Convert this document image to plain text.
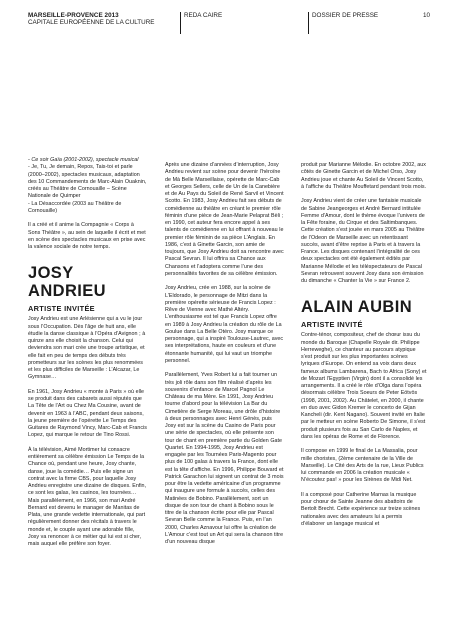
MARSEILLE-PROVENCE 2013
CAPITALE EUROPÉENNE DE LA CULTURE
REDA CAIRE	DOSSIER DE PRESSE	10

- Ce soir Gaïa (2001-2002), spectacle musical

- Je, Tu, Je demain, Repos, Tais-toi et parle (2000–2002), spectacles musicaux, adaptation des 10 Commandements de Marc-Alain Ouaknin, créés au Théâtre de Cornouaille – Scène Nationale de Quimper

- La Désaccordée (2003 au Théâtre de Cornouaille)

Il a créé et il anime la Compagnie « Corps à Sons Théâtre », au sein de laquelle il écrit et met en scène des spectacles musicaux en prise avec la valence sociale de notre temps.

JOSY ANDRIEU
ARTISTE INVITÉE

Josy Andrieu est une Arlésienne qui a vu le jour sous l’Occupation. Dès l’âge de huit ans, elle étudie la danse classique à l’Opéra d’Avignon ; à quinze ans elle choisit la chanson. Celui qui deviendra son mari crée une troupe artistique, et elle fait en peu de temps des débuts très prometteurs sur les scènes les plus renommées et les plus difficiles de Marseille : L’Alcazar, Le Gymnase…

En 1961, Josy Andrieu « monte à Paris » où elle se produit dans des cabarets aussi réputés que La Tête de l’Art ou Chez Ma Cousine, avant de devenir en 1963 à l’ABC, pendant deux saisons, la jeune première de l’opérette Le Temps des Guitares de Raymond Vincy, Marc-Cab et Francis Lopez, qui marque le retour de Tino Rossi.

À la télévision, Aimé Mortimer lui consacre entièrement sa célèbre émission Le Temps de la Chance où, pendant une heure, Josy chante, danse, joue la comédie… Puis elle signe un contrat avec la firme CBS, pour laquelle Josy Andrieu enregistre une dizaine de disques. Enfin, ce sont les galas, les casinos, les tournées… Mais parallèlement, en 1966, son mari André Bernard est devenu le manager de Manitas de Plata, une grande vedette internationale, qui part régulièrement donner des récitals à travers le monde et, le couple ayant une adorable fille, Josy va renoncer à ce métier qui lui est si cher, mais auquel elle préfère son foyer.

Après une dizaine d’années d’interruption, Josy Andrieu revient sur scène pour devenir l’héroïne de Mà Belle Marseillaise, opérette de Marc-Cab et Georges Sellers, celle de Un de la Canebière et de Au Pays du Soleil de René Sarvil et Vincent Scotto. En 1983, Josy Andrieu fait ses débuts de comédienne au théâtre en créant le premier rôle féminin d’une pièce de Jean-Marie Pelaprat Bèli ; en 1990, cet auteur fera encore appel à ses talents de comédienne en lui offrant à nouveau le premier rôle féminin de sa pièce L’Anglais. En 1986, c’est à Ginette Garcin, son amie de toujours, que Josy Andrieu doit sa rencontre avec Pascal Sevran. Il lui offrira sa Chance aux Chansons et l’adoptera comme l’une des personnalités favorites de sa célèbre émission.

Josy Andrieu, crée en 1988, sur la scène de L’Eldorado, le personnage de Mitzi dans la première opérette sérieuse de Francis Lopez : Rêve de Vienne avec Mathé Altéry. L’enthousiasme est tel que Francis Lopez offre en 1989 à Josy Andrieu la création du rôle de La Goulue dans La Belle Otéro. Josy marque ce personnage, qui a inspiré Toulouse-Lautrec, avec ses interprétations, haute en couleurs et d’une étonnante humanité, qui lui vaut un triomphe personnel.

Parallèlement, Yves Robert lui a fait tourner un très joli rôle dans son film réalisé d’après les souvenirs d’enfance de Marcel Pagnol Le Château de ma Mère. En 1991, Josy Andrieu tourne d’abord pour la télévision La Bar du Cimetière de Serge Moreau, une drôle d’histoire à deux personnages avec Henri Génès, puis Josy est sur la scène du Casino de Paris pour une série de spectacles, où elle présente son tour de chant en première partie du Golden Gate Quartet. En 1994-1995, Josy Andrieu est engagée par les Tournées Paris-Magento pour plus de 100 galas à travers la France, dont elle est la tête d’affiche. En 1996, Philippe Bouvard et Patrick Garachon lui signent un contrat de 3 mois pour être la vedette américaine d’un programme qui inaugure une formule à succès, celles des Matinées de Bobino. Parallèlement, sort un disque de son tour de chant à Bobino sous le titre de la chanson écrite pour elle par Pascal Sevran Belle comme la France. Puis, en l’an 2000, Charles Aznavour lui offre la création de L’Amour c’est tout un Art qui sera la chanson titre d’un nouveau disque

produit par Marianne Mélodie. En octobre 2002, aux côtés de Ginette Garcin et de Michel Orso, Josy Andrieu joue et chante Au Soleil de Vincent Scotto, à l’affiche du Théâtre Mouffetard pendant trois mois.

Josy Andrieu vient de créer une fantaisie musicale de Sabine Jeangeorges et André Bernard intitulée Femme d’Amour, dont le thème évoque l’univers de la Fête foraine, du Cirque et des Saltimbanques. Cette création s’est jouée en mars 2005 au Théâtre de l’Odeon de Marseille avec un retentissant succès, avant d’être reprise à Paris et à travers la France. Les disques contenant l’intégralité de ces deux spectacles ont été également édités par Marianne Mélodie et les téléspectateurs de Pascal Sevran retrouvent souvent Josy dans son émission du dimanche « Chanter la Vie » sur France 2.

ALAIN AUBIN
ARTISTE INVITÉ

Contre-ténor, compositeur, chef de chœur issu du monde du Baroque (Chapelle Royale dir. Philippe Herreweghe), ce chanteur au parcours atypique s’est produit sur les plus importantes scènes lyriques d’Europe. On entend sa voix dans deux fameux albums Lambarena, Bach to Africa (Sony) et de Mozart l’Egyptien (Virgin) dont il a consolidé les arrangements. Il a créé le rôle d’Olga dans l’opéra désormais célèbre Trois Soeurs de Peter Eötvös (1998, 2001, 2002). Au Châtelet, en 2000, il chante en duo avec Gidon Kremer le concerto de Gijan Kancheli (dir. Kent Nagano). Souvent invité en Italie par le metteur en scène Roberto De Simone, il s’est produit plusieurs fois au San Carlo de Naples, et dans les opéras de Rome et de Florence.

Il compose en 1999 le final de La Massalia, pour mille choristes, (2ème centenaire de la Ville de Marseille). Le Cité des Arts de la rue, Lieux Publics lui commande en 2006 la création musicale « N’écoutez pas! » pour les Sirènes de Midi Net.

Il a composé pour Catherine Marnas la musique pour chœur de Sainte Jeanne des abattoirs de Bertolt Brecht. Cette expérience sur treize scènes nationales avec des amateurs lui a permis d’élaborer un langage musical et
